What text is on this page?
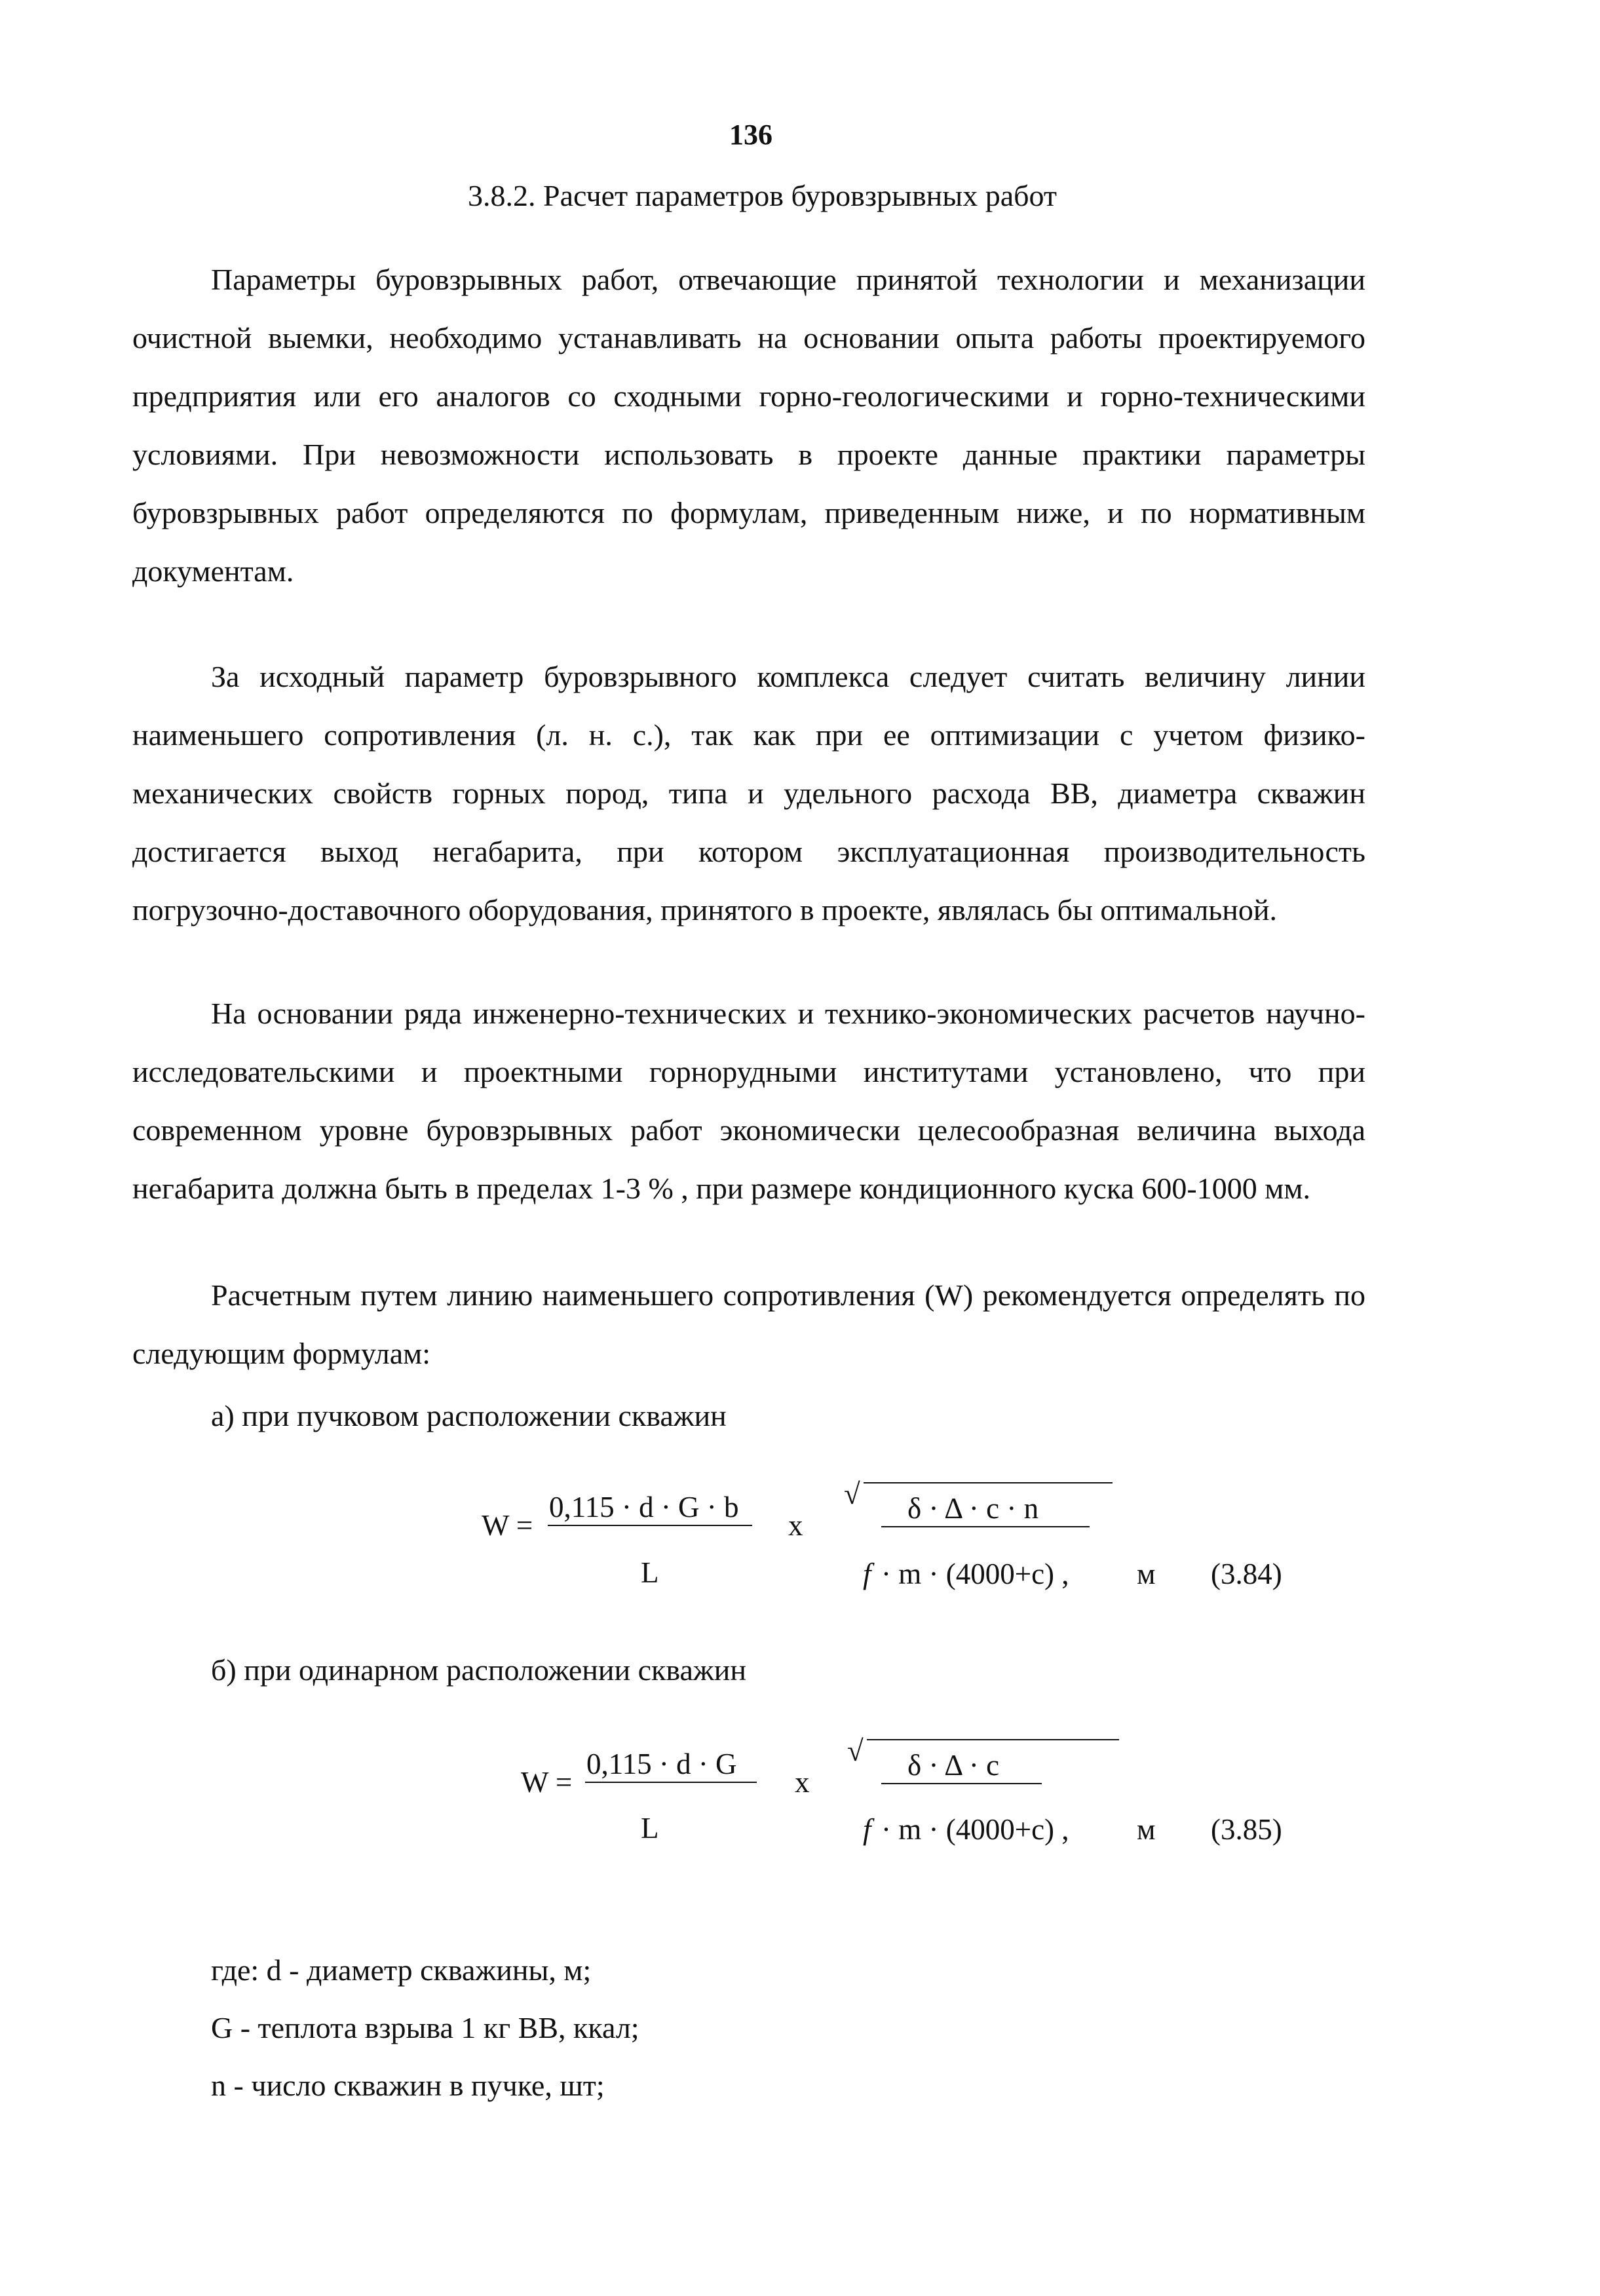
136
3.8.2. Расчет параметров буровзрывных работ

Параметры буровзрывных работ, отвечающие принятой технологии и механизации очистной выемки, необходимо устанавливать на основании опыта работы проектируемого предприятия или его аналогов со сходными горно-геологическими и горно-техническими условиями. При невозможности использовать в проекте данные практики параметры буровзрывных работ определяются по формулам, приведенным ниже, и по нормативным документам.

За исходный параметр буровзрывного комплекса следует считать величину линии наименьшего сопротивления (л. н. с.), так как при ее оптимизации с учетом физико-механических свойств горных пород, типа и удельного расхода ВВ, диаметра скважин достигается выход негабарита, при котором эксплуатационная производительность погрузочно-доставочного оборудования, принятого в проекте, являлась бы оптимальной.

На основании ряда инженерно-технических и технико-экономических расчетов научно-исследовательскими и проектными горнорудными институтами установлено, что при современном уровне буровзрывных работ экономически целесообразная величина выхода негабарита должна быть в пределах 1-3 % , при размере кондиционного куска 600-1000 мм.

Расчетным путем линию наименьшего сопротивления (W) рекомендуется определять по следующим формулам:

а) при пучковом расположении скважин
W =
0,115 · d · G · b
L
x
√ δ · Δ · c · n
f · m · (4000+c) , м (3.84)
б) при одинарном расположении скважин
W =
0,115 · d · G
L
x
√ δ · Δ · c
f · m · (4000+c) , м (3.85)
где: d - диаметр скважины, м;
G - теплота взрыва 1 кг ВВ, ккал;
n - число скважин в пучке, шт;
